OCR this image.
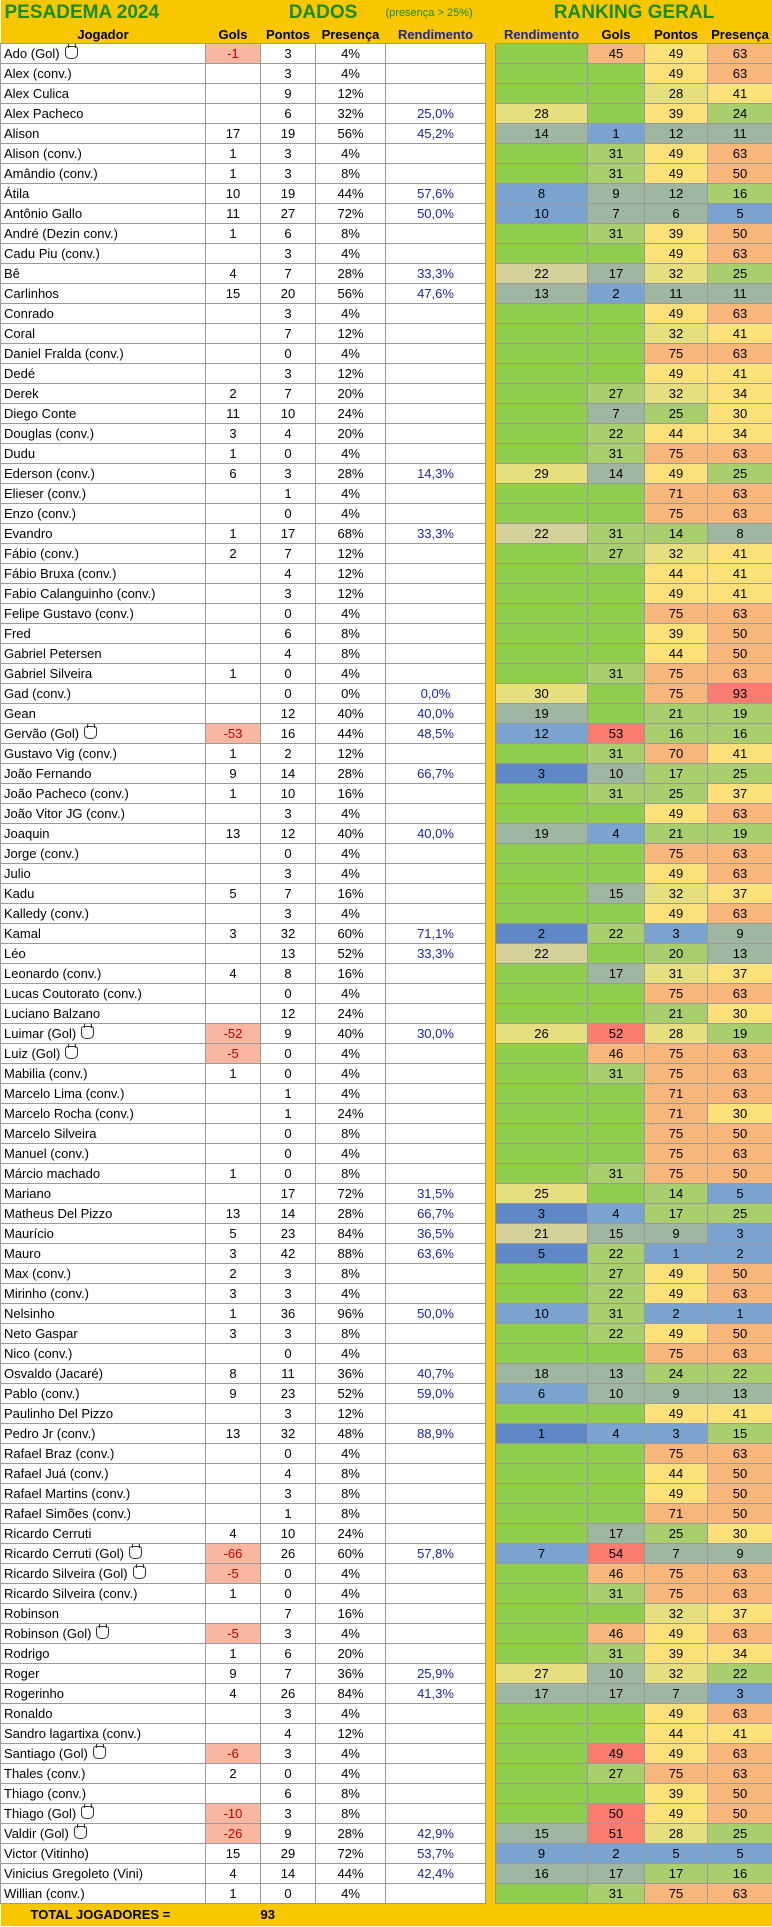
PESADEMA 2024		DADOS		(presença > 25%)		RANKING GERAL			
Jogador	Gols	Pontos	Presença	Rendimento		Rendimento	Gols	Pontos	Presença
Ado (Gol)	-1	3	4%				45	49	63
Alex (conv.)		3	4%					49	63
Alex Culica		9	12%					28	41
Alex Pacheco		6	32%	25,0%		28		39	24
Alison	17	19	56%	45,2%		14	1	12	11
Alison (conv.)	1	3	4%				31	49	63
Amândio (conv.)	1	3	8%				31	49	50
Átila	10	19	44%	57,6%		8	9	12	16
Antônio Gallo	11	27	72%	50,0%		10	7	6	5
André (Dezin conv.)	1	6	8%				31	39	50
Cadu Piu (conv.)		3	4%					49	63
Bê	4	7	28%	33,3%		22	17	32	25
Carlinhos	15	20	56%	47,6%		13	2	11	11
Conrado		3	4%					49	63
Coral		7	12%					32	41
Daniel Fralda (conv.)		0	4%					75	63
Dedé		3	12%					49	41
Derek	2	7	20%				27	32	34
Diego Conte	11	10	24%				7	25	30
Douglas (conv.)	3	4	20%				22	44	34
Dudu	1	0	4%				31	75	63
Ederson (conv.)	6	3	28%	14,3%		29	14	49	25
Elieser (conv.)		1	4%					71	63
Enzo (conv.)		0	4%					75	63
Evandro	1	17	68%	33,3%		22	31	14	8
Fábio (conv.)	2	7	12%				27	32	41
Fábio Bruxa (conv.)		4	12%					44	41
Fabio Calanguinho (conv.)		3	12%					49	41
Felipe Gustavo (conv.)		0	4%					75	63
Fred		6	8%					39	50
Gabriel Petersen		4	8%					44	50
Gabriel Silveira	1	0	4%				31	75	63
Gad (conv.)		0	0%	0,0%		30		75	93
Gean		12	40%	40,0%		19		21	19
Gervão (Gol)	-53	16	44%	48,5%		12	53	16	16
Gustavo Vig (conv.)	1	2	12%				31	70	41
João Fernando	9	14	28%	66,7%		3	10	17	25
João Pacheco (conv.)	1	10	16%				31	25	37
João Vitor JG (conv.)		3	4%					49	63
Joaquin	13	12	40%	40,0%		19	4	21	19
Jorge (conv.)		0	4%					75	63
Julio		3	4%					49	63
Kadu	5	7	16%				15	32	37
Kalledy (conv.)		3	4%					49	63
Kamal	3	32	60%	71,1%		2	22	3	9
Léo		13	52%	33,3%		22		20	13
Leonardo (conv.)	4	8	16%				17	31	37
Lucas Coutorato (conv.)		0	4%					75	63
Luciano Balzano		12	24%					21	30
Luimar (Gol)	-52	9	40%	30,0%		26	52	28	19
Luiz (Gol)	-5	0	4%				46	75	63
Mabilia (conv.)	1	0	4%				31	75	63
Marcelo Lima (conv.)		1	4%					71	63
Marcelo Rocha (conv.)		1	24%					71	30
Marcelo Silveira		0	8%					75	50
Manuel (conv.)		0	4%					75	63
Márcio machado	1	0	8%				31	75	50
Mariano		17	72%	31,5%		25		14	5
Matheus Del Pizzo	13	14	28%	66,7%		3	4	17	25
Maurício	5	23	84%	36,5%		21	15	9	3
Mauro	3	42	88%	63,6%		5	22	1	2
Max (conv.)	2	3	8%				27	49	50
Mirinho (conv.)	3	3	4%				22	49	63
Nelsinho	1	36	96%	50,0%		10	31	2	1
Neto Gaspar	3	3	8%				22	49	50
Nico (conv.)		0	4%					75	63
Osvaldo (Jacaré)	8	11	36%	40,7%		18	13	24	22
Pablo (conv.)	9	23	52%	59,0%		6	10	9	13
Paulinho Del Pizzo		3	12%					49	41
Pedro Jr (conv.)	13	32	48%	88,9%		1	4	3	15
Rafael Braz (conv.)		0	4%					75	63
Rafael Juá (conv.)		4	8%					44	50
Rafael Martins (conv.)		3	8%					49	50
Rafael Simões (conv.)		1	8%					71	50
Ricardo Cerruti	4	10	24%				17	25	30
Ricardo Cerruti (Gol)	-66	26	60%	57,8%		7	54	7	9
Ricardo Silveira (Gol)	-5	0	4%				46	75	63
Ricardo Silveira (conv.)	1	0	4%				31	75	63
Robinson		7	16%					32	37
Robinson (Gol)	-5	3	4%				46	49	63
Rodrigo	1	6	20%				31	39	34
Roger	9	7	36%	25,9%		27	10	32	22
Rogerinho	4	26	84%	41,3%		17	17	7	3
Ronaldo		3	4%					49	63
Sandro lagartixa (conv.)		4	12%					44	41
Santiago (Gol)	-6	3	4%				49	49	63
Thales (conv.)	2	0	4%				27	75	63
Thiago (conv.)		6	8%					39	50
Thiago (Gol)	-10	3	8%				50	49	50
Valdir (Gol)	-26	9	28%	42,9%		15	51	28	25
Victor (Vitinho)	15	29	72%	53,7%		9	2	5	5
Vinicius Gregoleto (Vini)	4	14	44%	42,4%		16	17	17	16
Willian (conv.)	1	0	4%				31	75	63
TOTAL JOGADORES =		93							
